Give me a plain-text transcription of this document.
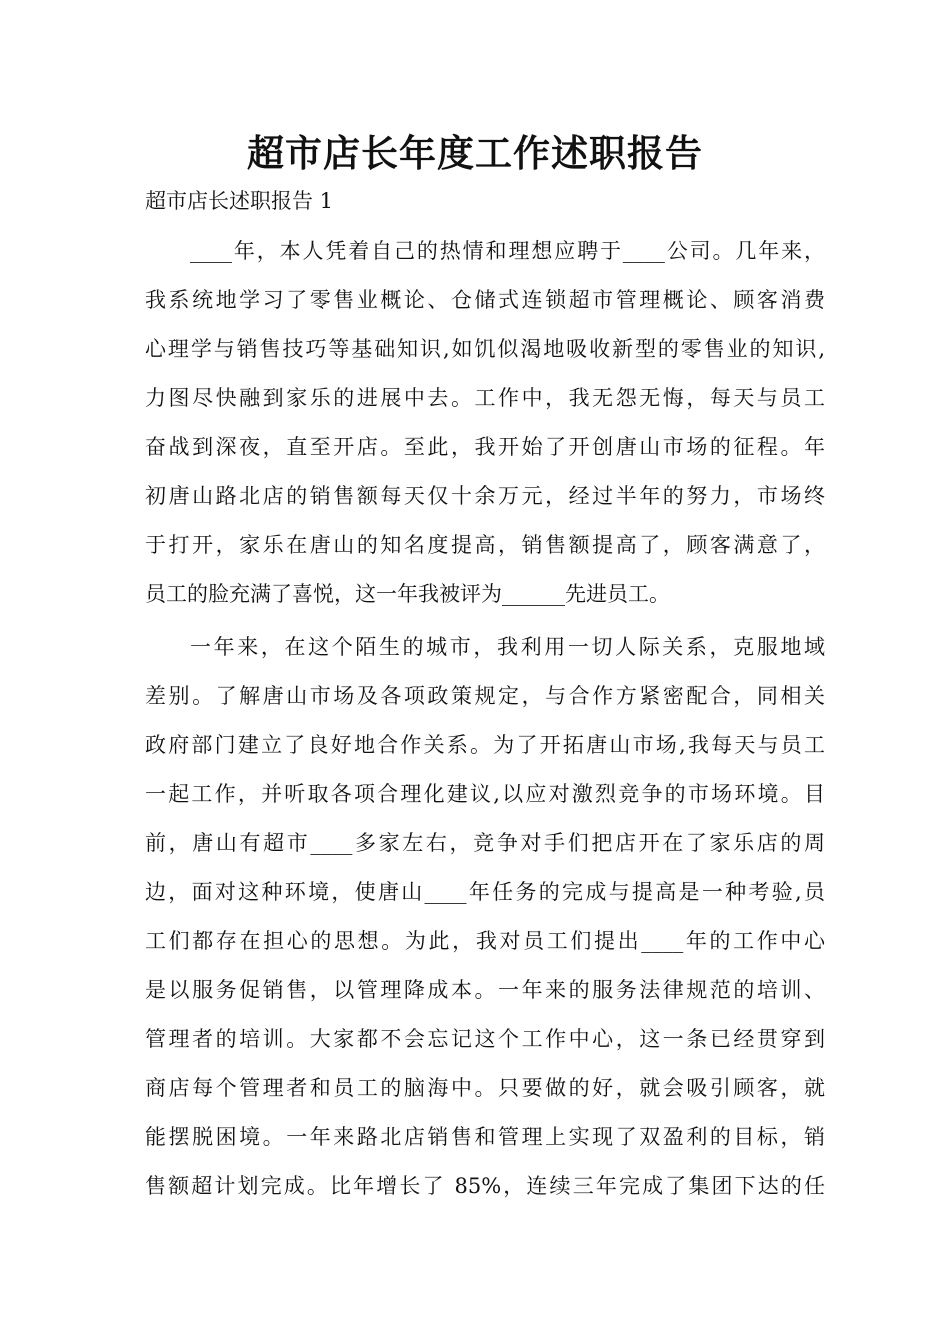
超市店长年度工作述职报告

超市店长述职报告 1

____年，本人凭着自己的热情和理想应聘于____公司。几年来，
我系统地学习了零售业概论、仓储式连锁超市管理概论、顾客消费
心理学与销售技巧等基础知识,如饥似渴地吸收新型的零售业的知识,
力图尽快融到家乐的进展中去。工作中，我无怨无悔，每天与员工
奋战到深夜，直至开店。至此，我开始了开创唐山市场的征程。年
初唐山路北店的销售额每天仅十余万元，经过半年的努力，市场终
于打开，家乐在唐山的知名度提高，销售额提高了，顾客满意了，
员工的脸充满了喜悦，这一年我被评为______先进员工。
一年来，在这个陌生的城市，我利用一切人际关系，克服地域
差别。了解唐山市场及各项政策规定，与合作方紧密配合，同相关
政府部门建立了良好地合作关系。为了开拓唐山市场,我每天与员工
一起工作，并听取各项合理化建议,以应对激烈竞争的市场环境。目
前，唐山有超市____多家左右，竞争对手们把店开在了家乐店的周
边，面对这种环境，使唐山____年任务的完成与提高是一种考验,员
工们都存在担心的思想。为此，我对员工们提出____年的工作中心
是以服务促销售，以管理降成本。一年来的服务法律规范的培训、
管理者的培训。大家都不会忘记这个工作中心，这一条已经贯穿到
商店每个管理者和员工的脑海中。只要做的好，就会吸引顾客，就
能摆脱困境。一年来路北店销售和管理上实现了双盈利的目标，销
售额超计划完成。比年增长了 85%，连续三年完成了集团下达的任
